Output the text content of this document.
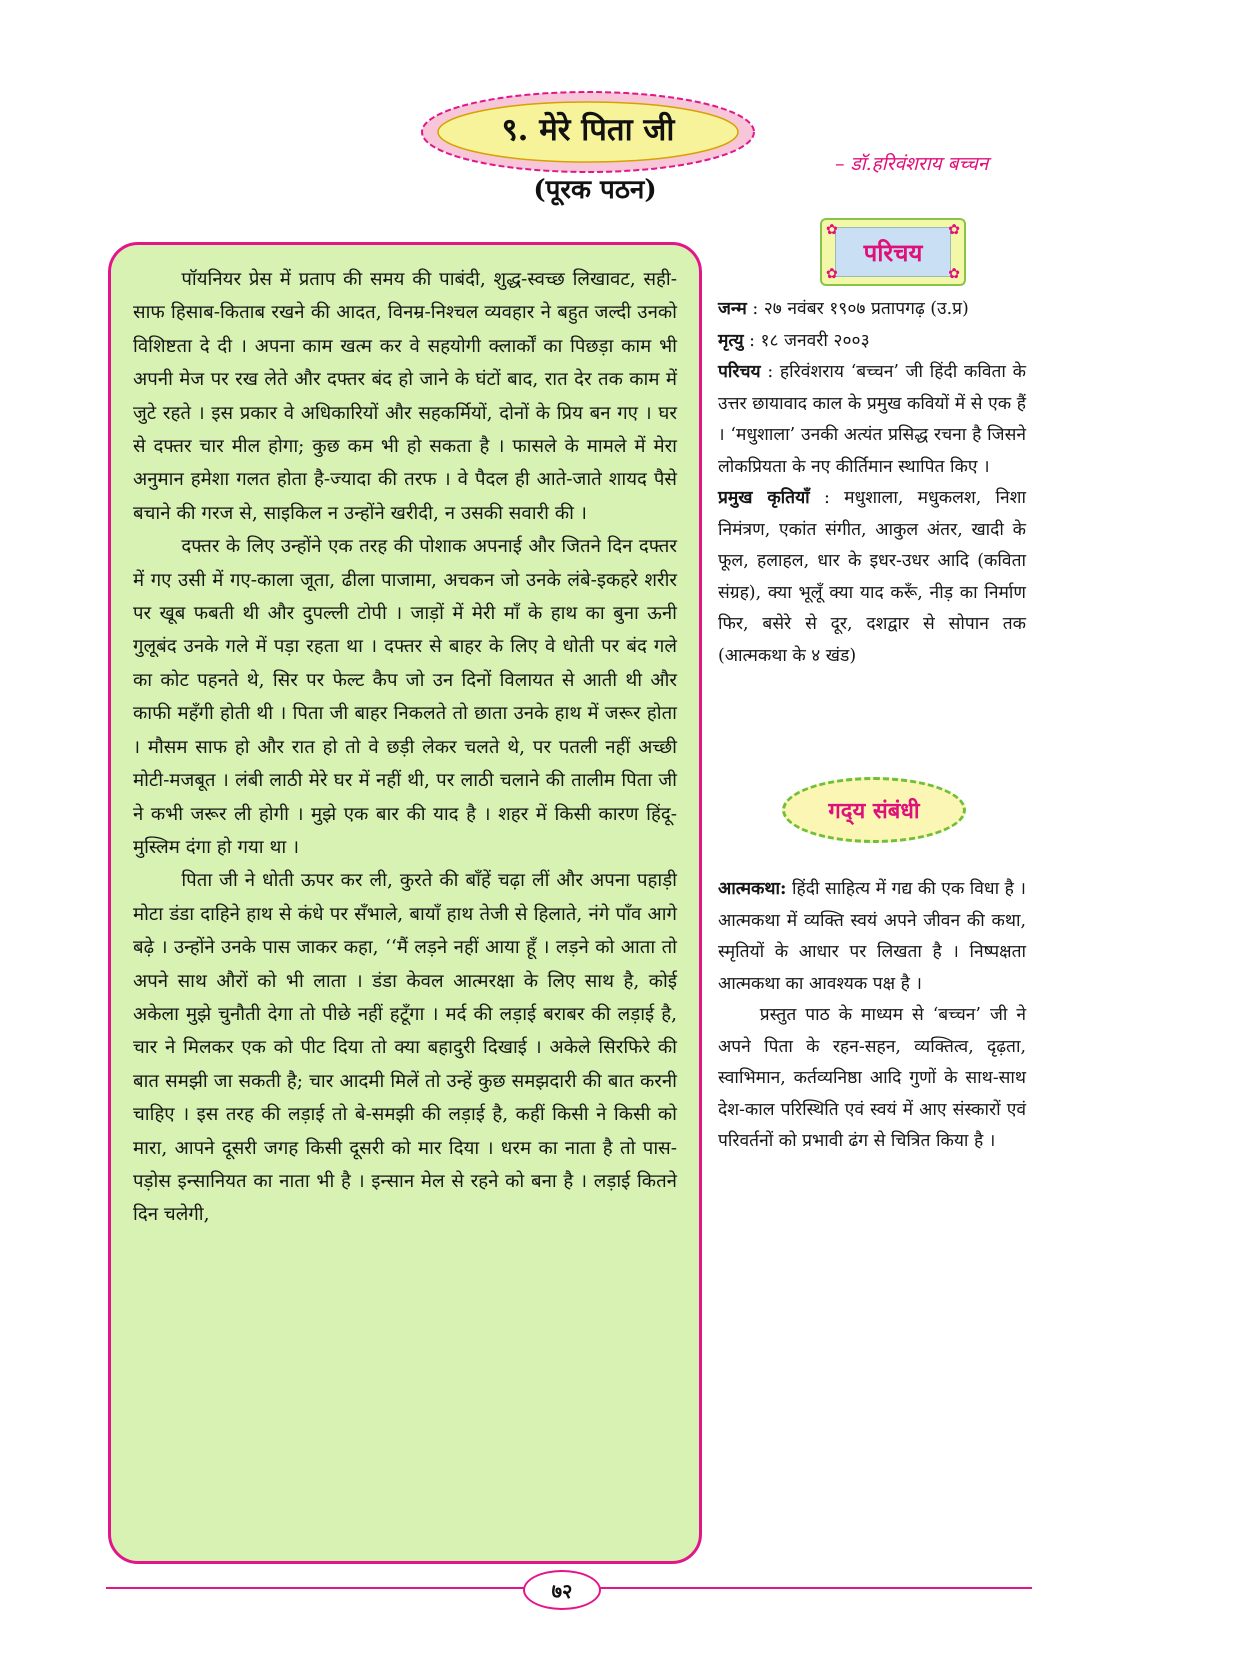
९. मेरे पिता जी
(पूरक पठन)
– डॉ.हरिवंशराय बच्चन

पॉयनियर प्रेस में प्रताप की समय की पाबंदी, शुद्ध-स्वच्छ लिखावट, सही-साफ हिसाब-किताब रखने की आदत, विनम्र-निश्चल व्यवहार ने बहुत जल्दी उनको विशिष्टता दे दी । अपना काम खत्म कर वे सहयोगी क्लार्कों का पिछड़ा काम भी अपनी मेज पर रख लेते और दफ्तर बंद हो जाने के घंटों बाद, रात देर तक काम में जुटे रहते । इस प्रकार वे अधिकारियों और सहकर्मियों, दोनों के प्रिय बन गए । घर से दफ्तर चार मील होगा; कुछ कम भी हो सकता है । फासले के मामले में मेरा अनुमान हमेशा गलत होता है-ज्यादा की तरफ । वे पैदल ही आते-जाते शायद पैसे बचाने की गरज से, साइकिल न उन्होंने खरीदी, न उसकी सवारी की ।

दफ्तर के लिए उन्होंने एक तरह की पोशाक अपनाई और जितने दिन दफ्तर में गए उसी में गए-काला जूता, ढीला पाजामा, अचकन जो उनके लंबे-इकहरे शरीर पर खूब फबती थी और दुपल्ली टोपी । जाड़ों में मेरी माँ के हाथ का बुना ऊनी गुलूबंद उनके गले में पड़ा रहता था । दफ्तर से बाहर के लिए वे धोती पर बंद गले का कोट पहनते थे, सिर पर फेल्ट कैप जो उन दिनों विलायत से आती थी और काफी महँगी होती थी । पिता जी बाहर निकलते तो छाता उनके हाथ में जरूर होता । मौसम साफ हो और रात हो तो वे छड़ी लेकर चलते थे, पर पतली नहीं अच्छी मोटी-मजबूत । लंबी लाठी मेरे घर में नहीं थी, पर लाठी चलाने की तालीम पिता जी ने कभी जरूर ली होगी । मुझे एक बार की याद है । शहर में किसी कारण हिंदू-मुस्लिम दंगा हो गया था ।

पिता जी ने धोती ऊपर कर ली, कुरते की बाँहें चढ़ा लीं और अपना पहाड़ी मोटा डंडा दाहिने हाथ से कंधे पर सँभाले, बायाँ हाथ तेजी से हिलाते, नंगे पाँव आगे बढ़े । उन्होंने उनके पास जाकर कहा, ‘‘मैं लड़ने नहीं आया हूँ । लड़ने को आता तो अपने साथ औरों को भी लाता । डंडा केवल आत्मरक्षा के लिए साथ है, कोई अकेला मुझे चुनौती देगा तो पीछे नहीं हटूँगा । मर्द की लड़ाई बराबर की लड़ाई है, चार ने मिलकर एक को पीट दिया तो क्या बहादुरी दिखाई । अकेले सिरफिरे की बात समझी जा सकती है; चार आदमी मिलें तो उन्हें कुछ समझदारी की बात करनी चाहिए । इस तरह की लड़ाई तो बे-समझी की लड़ाई है, कहीं किसी ने किसी को मारा, आपने दूसरी जगह किसी दूसरी को मार दिया । धरम का नाता है तो पास-पड़ोस इन्सानियत का नाता भी है । इन्सान मेल से रहने को बना है । लड़ाई कितने दिन चलेगी,

✿	✿
✿	✿
परिचय

जन्म : २७ नवंबर १९०७ प्रतापगढ़ (उ.प्र)

मृत्यु : १८ जनवरी २००३

परिचय : हरिवंशराय ‘बच्चन’ जी हिंदी कविता के उत्तर छायावाद काल के प्रमुख कवियों में से एक हैं । ‘मधुशाला’ उनकी अत्यंत प्रसिद्ध रचना है जिसने लोकप्रियता के नए कीर्तिमान स्थापित किए ।

प्रमुख कृतियाँ : मधुशाला, मधुकलश, निशा निमंत्रण, एकांत संगीत, आकुल अंतर, खादी के फूल, हलाहल, धार के इधर-उधर आदि (कविता संग्रह), क्या भूलूँ क्या याद करूँ, नीड़ का निर्माण फिर, बसेरे से दूर, दशद्वार से सोपान तक (आत्मकथा के ४ खंड)

गद्‍य संबंधी

आत्मकथा: हिंदी साहित्य में गद्य की एक विधा है । आत्मकथा में व्यक्ति स्वयं अपने जीवन की कथा, स्मृतियों के आधार पर लिखता है । निष्पक्षता आत्मकथा का आवश्यक पक्ष है ।

प्रस्तुत पाठ के माध्यम से ‘बच्चन’ जी ने अपने पिता के रहन-सहन, व्यक्तित्व, दृढ़ता, स्वाभिमान, कर्तव्यनिष्ठा आदि गुणों के साथ-साथ देश-काल परिस्थिति एवं स्वयं में आए संस्कारों एवं परिवर्तनों को प्रभावी ढंग से चित्रित किया है ।

७२
